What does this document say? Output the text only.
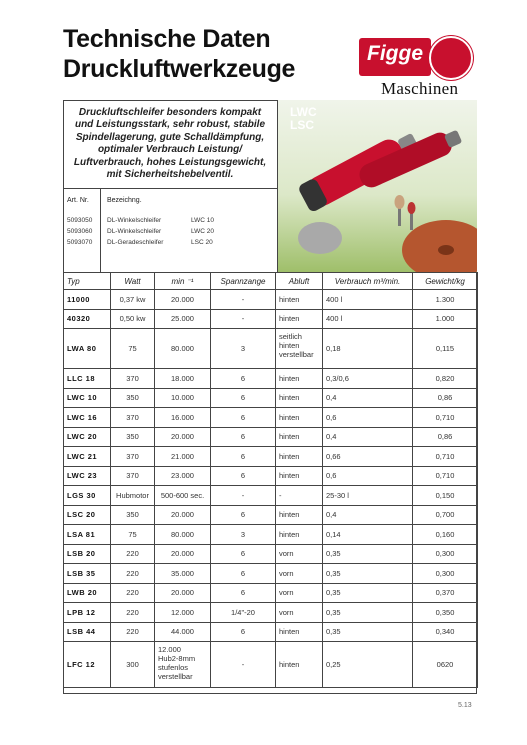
Technische Daten
Druckluftwerkzeuge
Figge
Maschinen
Druckluftschleifer besonders kompakt und Leistungsstark, sehr robust, stabile Spindellagerung, gute Schalldämpfung, optimaler Verbrauch Leistung/ Luftverbrauch, hohes Leistungsgewicht, mit Sicherheitshebelventil.
LWC
LSC
Art. Nr.	Bezeichng.
5093050 DL-Winkelschleifer	LWC 10
5093060 DL-Winkelschleifer	LWC 20
5093070 DL-Geradeschleifer	LSC 20
Typ	Watt	min ⁻¹	Spannzange	Abluft	Verbrauch m³/min.	Gewicht/kg
11000	0,37 kw	20.000	-	hinten	400 l	1.300
40320	0,50 kw	25.000	-	hinten	400 l	1.000
LWA 80	75	80.000	3	seitlich
hinten
verstellbar	0,18	0,115
LLC 18	370	18.000	6	hinten	0,3/0,6	0,820
LWC 10	350	10.000	6	hinten	0,4	0,86
LWC 16	370	16.000	6	hinten	0,6	0,710
LWC 20	350	20.000	6	hinten	0,4	0,86
LWC 21	370	21.000	6	hinten	0,66	0,710
LWC 23	370	23.000	6	hinten	0,6	0,710
LGS 30	Hubmotor	500-600 sec.	-	-	25-30 l	0,150
LSC 20	350	20.000	6	hinten	0,4	0,700
LSA 81	75	80.000	3	hinten	0,14	0,160
LSB 20	220	20.000	6	vorn	0,35	0,300
LSB 35	220	35.000	6	vorn	0,35	0,300
LWB 20	220	20.000	6	vorn	0,35	0,370
LPB 12	220	12.000	1/4"-20	vorn	0,35	0,350
LSB 44	220	44.000	6	hinten	0,35	0,340
LFC 12	300	12.000
Hub2-8mm
stufenlos
verstellbar	-	hinten	0,25	0620
5.13
